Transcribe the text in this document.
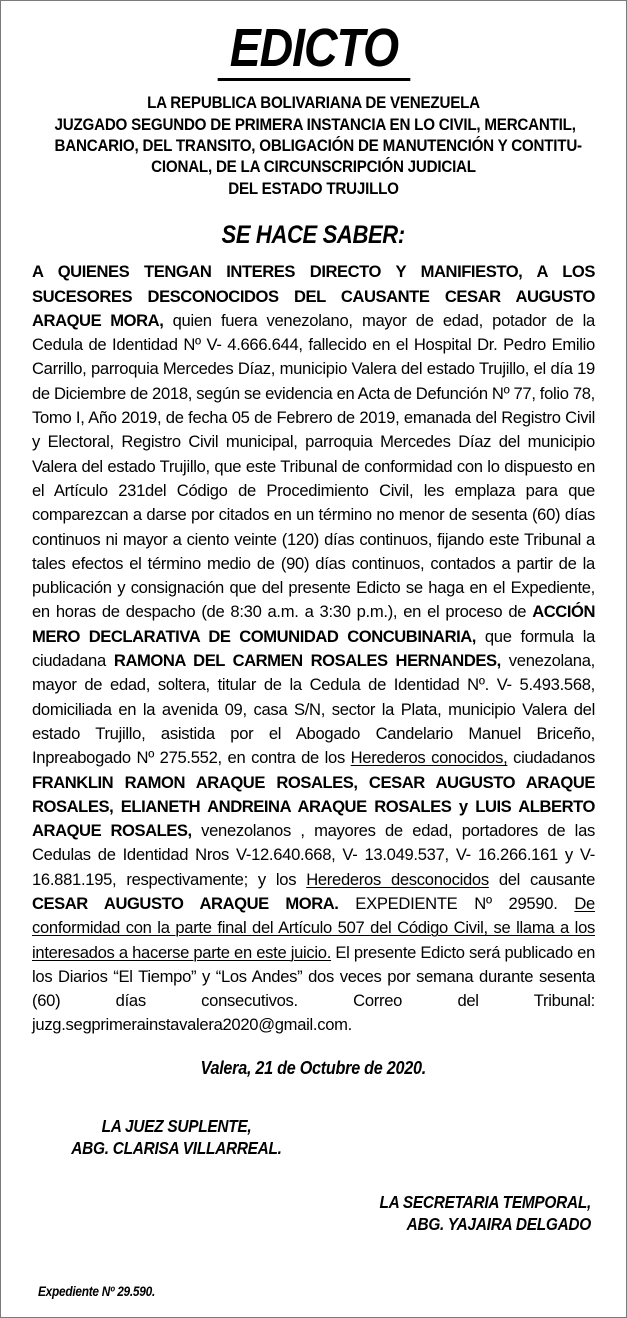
EDICTO
LA REPUBLICA BOLIVARIANA DE VENEZUELA
JUZGADO SEGUNDO DE PRIMERA INSTANCIA EN LO CIVIL, MERCANTIL,
BANCARIO, DEL TRANSITO, OBLIGACIÓN DE MANUTENCIÓN Y CONTITU-
CIONAL, DE LA CIRCUNSCRIPCIÓN JUDICIAL
DEL ESTADO TRUJILLO
SE HACE SABER:

A QUIENES TENGAN INTERES DIRECTO Y MANIFIESTO, A LOS SUCESORES DESCONOCIDOS DEL CAUSANTE CESAR AUGUSTO ARAQUE MORA, quien fuera venezolano, mayor de edad, potador de la Cedula de Identidad Nº V- 4.666.644, fallecido en el Hospital Dr. Pedro Emilio Carrillo, parroquia Mercedes Díaz, municipio Valera del estado Trujillo, el día 19 de Diciembre de 2018, según se evidencia en Acta de Defunción Nº 77, folio 78, Tomo I, Año 2019, de fecha 05 de Febrero de 2019, emanada del Registro Civil y Electoral, Registro Civil municipal, parroquia Mercedes Díaz del municipio Valera del estado Trujillo, que este Tribunal de conformidad con lo dispuesto en el Artículo 231del Código de Procedimiento Civil, les emplaza para que comparezcan a darse por citados en un término no menor de sesenta (60) días continuos ni mayor a ciento veinte (120) días continuos, fijando este Tribunal a tales efectos el término medio de (90) días continuos, contados a partir de la publicación y consignación que del presente Edicto se haga en el Expediente, en horas de despacho (de 8:30 a.m. a 3:30 p.m.), en el proceso de ACCIÓN MERO DECLARATIVA DE COMUNIDAD CONCUBINARIA, que formula la ciudadana RAMONA DEL CARMEN ROSALES HERNANDES, venezolana, mayor de edad, soltera, titular de la Cedula de Identidad Nº. V- 5.493.568, domiciliada en la avenida 09, casa S/N, sector la Plata, municipio Valera del estado Trujillo, asistida por el Abogado Candelario Manuel Briceño, Inpreabogado Nº 275.552, en contra de los Herederos conocidos, ciudadanos FRANKLIN RAMON ARAQUE ROSALES, CESAR AUGUSTO ARAQUE ROSALES, ELIANETH ANDREINA ARAQUE ROSALES y LUIS ALBERTO ARAQUE ROSALES, venezolanos , mayores de edad, portadores de las Cedulas de Identidad Nros V-12.640.668, V- 13.049.537, V- 16.266.161 y V- 16.881.195, respectivamente; y los Herederos desconocidos del causante CESAR AUGUSTO ARAQUE MORA. EXPEDIENTE Nº 29590. De conformidad con la parte final del Artículo 507 del Código Civil, se llama a los interesados a hacerse parte en este juicio. El presente Edicto será publicado en los Diarios “El Tiempo” y “Los Andes” dos veces por semana durante sesenta (60) días consecutivos. Correo del Tribunal: juzg.segprimerainstavalera2020@gmail.com.

Valera, 21 de Octubre de 2020.
LA JUEZ SUPLENTE,
ABG. CLARISA VILLARREAL.
LA SECRETARIA TEMPORAL,
ABG. YAJAIRA DELGADO
Expediente Nº 29.590.
